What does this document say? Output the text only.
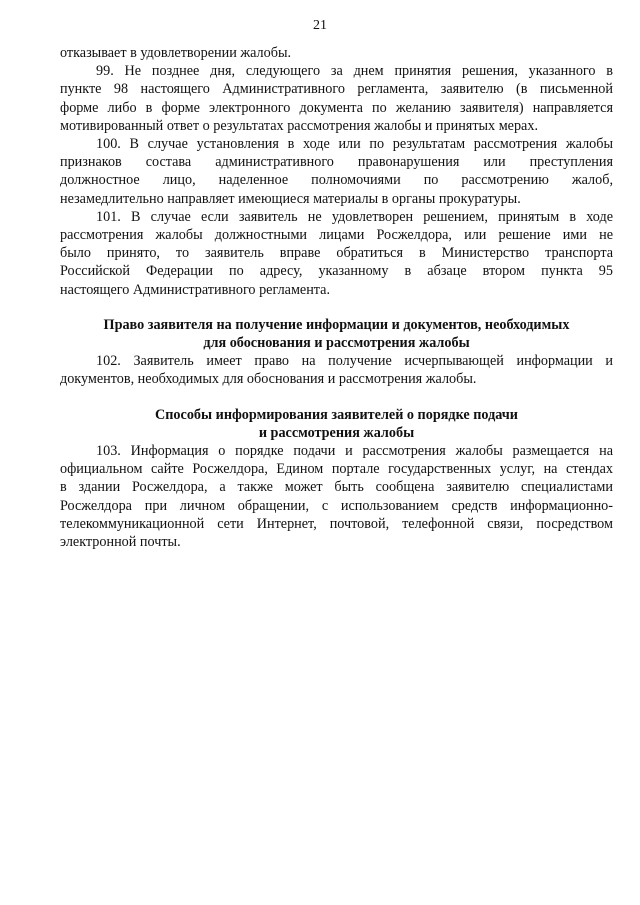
21
отказывает в удовлетворении жалобы.
99. Не позднее дня, следующего за днем принятия решения, указанного в
пункте 98 настоящего Административного регламента, заявителю (в письменной
форме либо в форме электронного документа по желанию заявителя) направляется
мотивированный ответ о результатах рассмотрения жалобы и принятых мерах.
100. В случае установления в ходе или по результатам рассмотрения жалобы
признаков состава административного правонарушения или преступления
должностное лицо, наделенное полномочиями по рассмотрению жалоб,
незамедлительно направляет имеющиеся материалы в органы прокуратуры.
101. В случае если заявитель не удовлетворен решением, принятым в ходе
рассмотрения жалобы должностными лицами Росжелдора, или решение ими не
было принято, то заявитель вправе обратиться в Министерство транспорта
Российской Федерации по адресу, указанному в абзаце втором пункта 95
настоящего Административного регламента.
Право заявителя на получение информации и документов, необходимых
для обоснования и рассмотрения жалобы
102. Заявитель имеет право на получение исчерпывающей информации и
документов, необходимых для обоснования и рассмотрения жалобы.
Способы информирования заявителей о порядке подачи
и рассмотрения жалобы
103. Информация о порядке подачи и рассмотрения жалобы размещается на
официальном сайте Росжелдора, Едином портале государственных услуг, на стендах
в здании Росжелдора, а также может быть сообщена заявителю специалистами
Росжелдора при личном обращении, с использованием средств информационно-
телекоммуникационной сети Интернет, почтовой, телефонной связи, посредством
электронной почты.
